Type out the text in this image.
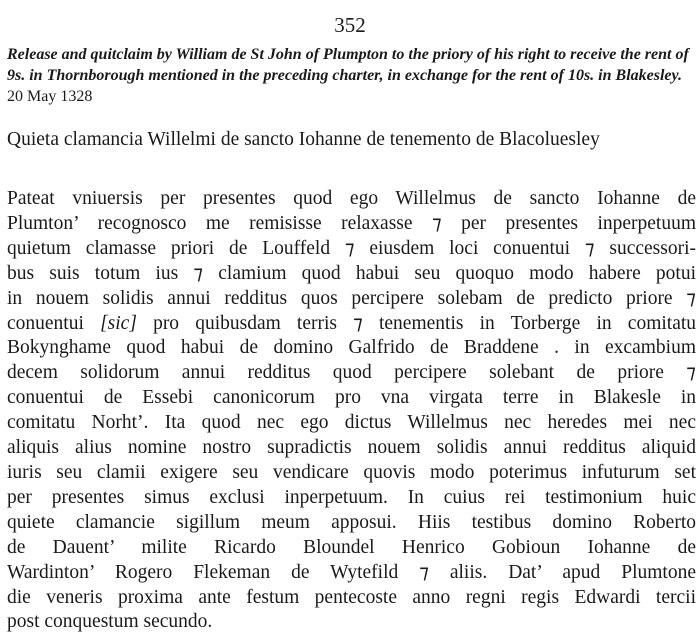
352
Release and quitclaim by William de St John of Plumpton to the priory of his right to receive the rent of 9s. in Thornborough mentioned in the preceding charter, in exchange for the rent of 10s. in Blakesley. 20 May 1328
Quieta clamancia Willelmi de sancto Iohanne de tenemento de Blacoluesley
Pateat vniuersis per presentes quod ego Willelmus de sancto Iohanne de
Plumton’ recognosco me remisisse relaxasse ⁊ per presentes inperpetuum
quietum clamasse priori de Louffeld ⁊ eiusdem loci conuentui ⁊ successori-
bus suis totum ius ⁊ clamium quod habui seu quoquo modo habere potui
in nouem solidis annui redditus quos percipere solebam de predicto priore ⁊
conuentui [sic] pro quibusdam terris ⁊ tenementis in Torberge in comitatu
Bokynghame quod habui de domino Galfrido de Braddene . in excambium
decem solidorum annui redditus quod percipere solebant de priore ⁊
conuentui de Essebi canonicorum pro vna virgata terre in Blakesle in
comitatu Norht’. Ita quod nec ego dictus Willelmus nec heredes mei nec
aliquis alius nomine nostro supradictis nouem solidis annui redditus aliquid
iuris seu clamii exigere seu vendicare quovis modo poterimus infuturum set
per presentes simus exclusi inperpetuum. In cuius rei testimonium huic
quiete clamancie sigillum meum apposui. Hiis testibus domino Roberto
de Dauent’ milite Ricardo Bloundel Henrico Gobioun Iohanne de
Wardinton’ Rogero Flekeman de Wytefild ⁊ aliis. Dat’ apud Plumtone
die veneris proxima ante festum pentecoste anno regni regis Edwardi tercii
post conquestum secundo.
